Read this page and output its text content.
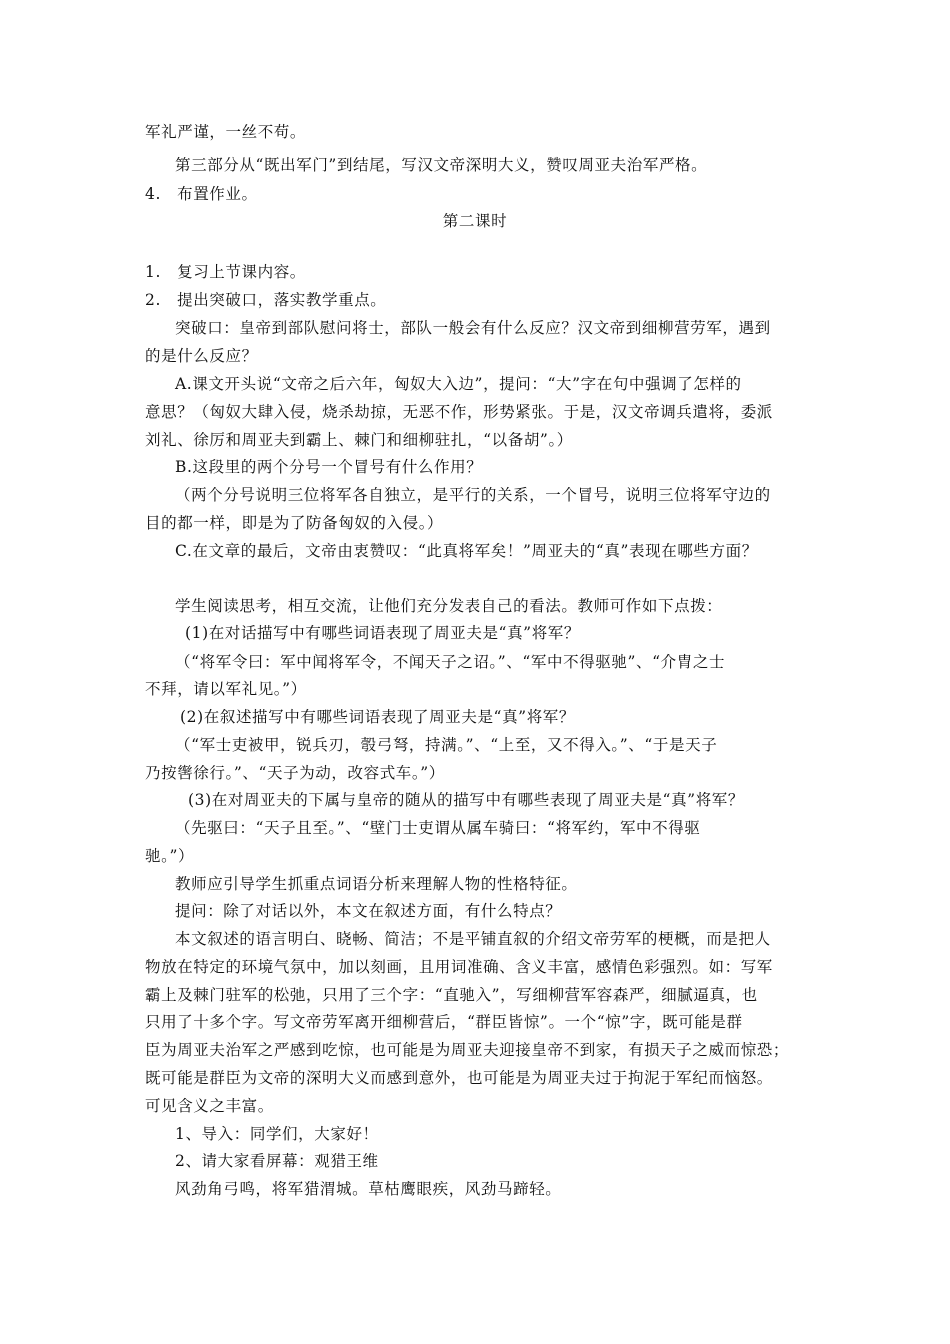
军礼严谨，一丝不苟。
第三部分从“既出军门”到结尾，写汉文帝深明大义，赞叹周亚夫治军严格。
4.　布置作业。
第二课时
1.　复习上节课内容。
2.　提出突破口，落实教学重点。
突破口：皇帝到部队慰问将士，部队一般会有什么反应？汉文帝到细柳营劳军，遇到
的是什么反应？
A.课文开头说“文帝之后六年，匈奴大入边”，提问：“大”字在句中强调了怎样的
意思？（匈奴大肆入侵，烧杀劫掠，无恶不作，形势紧张。于是，汉文帝调兵遣将，委派
刘礼、徐厉和周亚夫到霸上、棘门和细柳驻扎，“以备胡”。）
B.这段里的两个分号一个冒号有什么作用？
（两个分号说明三位将军各自独立，是平行的关系，一个冒号，说明三位将军守边的
目的都一样，即是为了防备匈奴的入侵。）
C.在文章的最后，文帝由衷赞叹：“此真将军矣！”周亚夫的“真”表现在哪些方面？
学生阅读思考，相互交流，让他们充分发表自己的看法。教师可作如下点拨：
(1)在对话描写中有哪些词语表现了周亚夫是“真”将军？
（“将军令曰：军中闻将军令，不闻天子之诏。”、“军中不得驱驰”、“介胄之士
不拜，请以军礼见。”）
(2)在叙述描写中有哪些词语表现了周亚夫是“真”将军？
（“军士吏被甲，锐兵刃，彀弓弩，持满。”、“上至，又不得入。”、“于是天子
乃按辔徐行。”、“天子为动，改容式车。”）
(3)在对周亚夫的下属与皇帝的随从的描写中有哪些表现了周亚夫是“真”将军？
（先驱曰：“天子且至。”、“壁门士吏谓从属车骑曰：“将军约，军中不得驱
驰。”）
教师应引导学生抓重点词语分析来理解人物的性格特征。
提问：除了对话以外，本文在叙述方面，有什么特点？
本文叙述的语言明白、晓畅、简洁；不是平铺直叙的介绍文帝劳军的梗概，而是把人
物放在特定的环境气氛中，加以刻画，且用词准确、含义丰富，感情色彩强烈。如：写军
霸上及棘门驻军的松弛，只用了三个字：“直驰入”，写细柳营军容森严，细腻逼真，也
只用了十多个字。写文帝劳军离开细柳营后，“群臣皆惊”。一个“惊”字，既可能是群
臣为周亚夫治军之严感到吃惊，也可能是为周亚夫迎接皇帝不到家，有损天子之威而惊恐；
既可能是群臣为文帝的深明大义而感到意外，也可能是为周亚夫过于拘泥于军纪而恼怒。
可见含义之丰富。
1、导入：同学们，大家好！
2、请大家看屏幕：观猎王维
风劲角弓鸣，将军猎渭城。草枯鹰眼疾，风劲马蹄轻。
